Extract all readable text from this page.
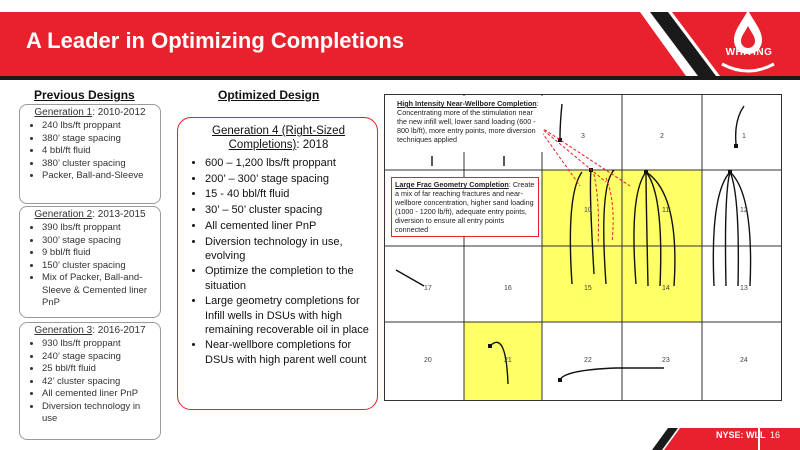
A Leader in Optimizing Completions	WHITING
Previous Designs	Optimized Design
Generation 1: 2010-2012
• 240 lbs/ft proppant
• 380’ stage spacing
• 4 bbl/ft fluid
• 380’ cluster spacing
• Packer, Ball-and-Sleeve
Generation 2: 2013-2015
• 390 lbs/ft proppant
• 300’ stage spacing
• 9 bbl/ft fluid
• 150’ cluster spacing
• Mix of Packer, Ball-and-Sleeve & Cemented liner PnP
Generation 3: 2016-2017
• 930 lbs/ft proppant
• 240’ stage spacing
• 25 bbl/ft fluid
• 42’ cluster spacing
• All cemented liner PnP
• Diversion technology in use
Generation 4 (Right-Sized Completions): 2018
• 600 – 1,200 lbs/ft proppant
• 200’ – 300’ stage spacing
• 15 - 40 bbl/ft fluid
• 30’ – 50’ cluster spacing
• All cemented liner PnP
• Diversion technology in use, evolving
• Optimize the completion to the situation
• Large geometry completions for Infill wells in DSUs with high remaining recoverable oil in place
• Near-wellbore completions for DSUs with high parent well count
3	2	1
10	11	12
17	16	15	14	13
20	21	22	23	24
High Intensity Near-Wellbore Completion: Concentrating more of the stimulation near the new infill well, lower sand loading (600 - 800 lb/ft), more entry points, more diversion techniques applied
Large Frac Geometry Completion: Create a mix of far reaching fractures and near-wellbore concentration, higher sand loading (1000 - 1200 lb/ft), adequate entry points, diversion to ensure all entry points connected
NYSE: WLL 16
